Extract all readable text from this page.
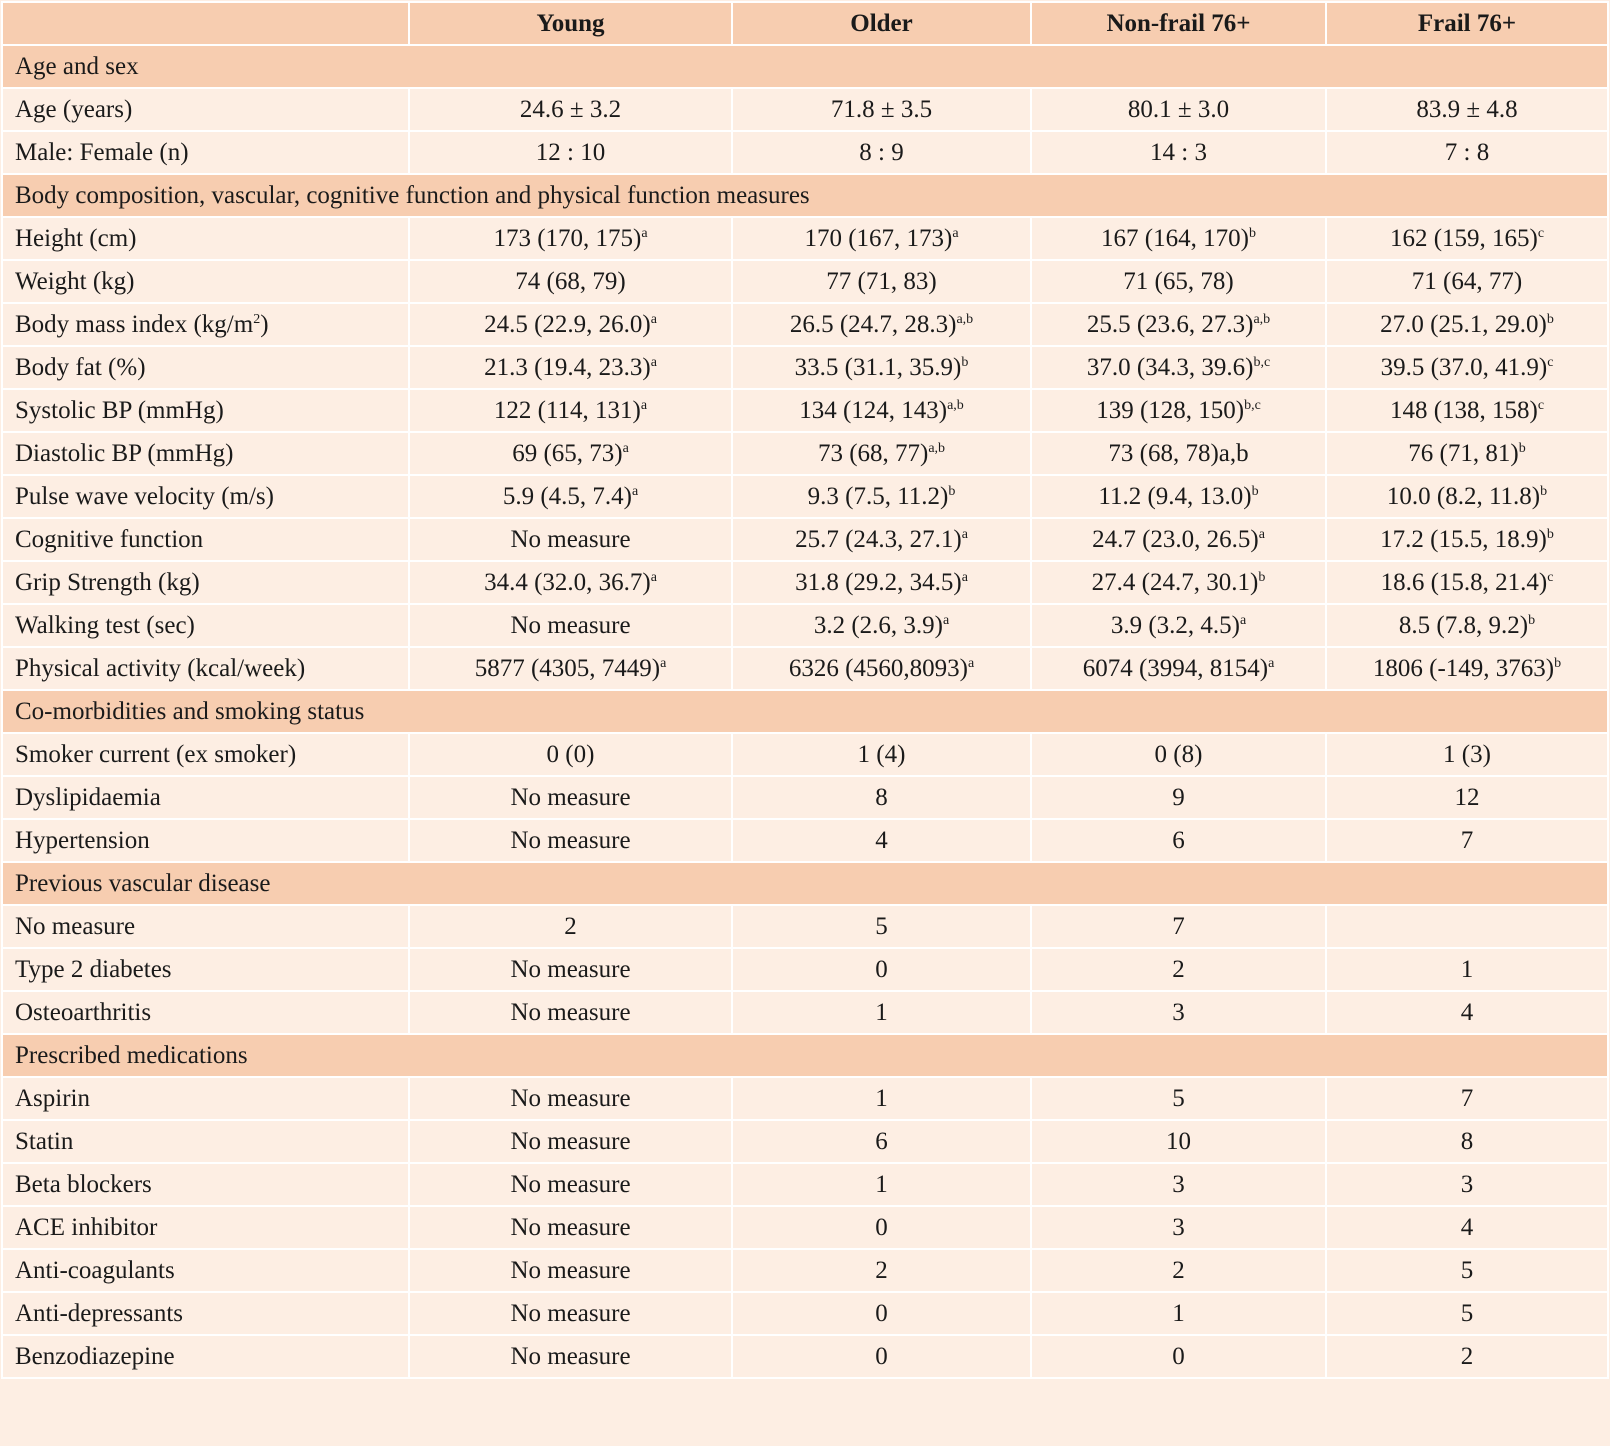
	Young	Older	Non-frail 76+	Frail 76+
Age and sex				
Age (years)	24.6 ± 3.2	71.8 ± 3.5	80.1 ± 3.0	83.9 ± 4.8
Male: Female (n)	12 : 10	8 : 9	14 : 3	7 : 8
Body composition, vascular, cognitive function and physical function measures				
Height (cm)	173 (170, 175)$^a$	170 (167, 173)$^a$	167 (164, 170)$^b$	162 (159, 165)$^c$
Weight (kg)	74 (68, 79)	77 (71, 83)	71 (65, 78)	71 (64, 77)
Body mass index $(kg/m^2)$	24.5 (22.9, 26.0)$^a$	26.5 (24.7, 28.3)$^{a,b}$	25.5 (23.6, 27.3)$^{a,b}$	27.0 (25.1, 29.0)$^b$
Body fat (%)	21.3 (19.4, 23.3)$^a$	33.5 (31.1, 35.9)$^b$	37.0 (34.3, 39.6)$^{b,c}$	39.5 (37.0, 41.9)$^c$
Systolic BP (mmHg)	122 (114, 131)$^a$	134 (124, 143)$^{a,b}$	139 (128, 150)$^{b,c}$	148 (138, 158)$^c$
Diastolic BP (mmHg)	69 (65, 73)$^a$	73 (68, 77)$^{a,b}$	73 (68, 78)a,b	76 (71, 81)$^b$
Pulse wave velocity (m/s)	5.9 (4.5, 7.4)$^a$	9.3 (7.5, 11.2)$^b$	11.2 (9.4, 13.0)$^b$	10.0 (8.2, 11.8)$^b$
Cognitive function	No measure	25.7 (24.3, 27.1)$^a$	24.7 (23.0, 26.5)$^a$	17.2 (15.5, 18.9)$^b$
Grip Strength (kg)	34.4 (32.0, 36.7)$^a$	31.8 (29.2, 34.5)$^a$	27.4 (24.7, 30.1)$^b$	18.6 (15.8, 21.4)$^c$
Walking test (sec)	No measure	3.2 (2.6, 3.9)$^a$	3.9 (3.2, 4.5)$^a$	8.5 (7.8, 9.2)$^b$
Physical activity (kcal/week)	5877 (4305, 7449)$^a$	6326 $(4560,8093)^a$	6074 (3994, 8154)$^a$	1806 (-149, 3763)$^b$
Co-morbidities and smoking status				
Smoker current (ex smoker)	0 (0)	1 (4)	0 (8)	1 (3)
Dyslipidaemia	No measure	8	9	12
Hypertension	No measure	4	6	7
Previous vascular disease				
No measure	2	5	7	
Type 2 diabetes	No measure	0	2	1
Osteoarthritis	No measure	1	3	4
Prescribed medications				
Aspirin	No measure	1	5	7
Statin	No measure	6	10	8
Beta blockers	No measure	1	3	3
ACE inhibitor	No measure	0	3	4
Anti-coagulants	No measure	2	2	5
Anti-depressants	No measure	0	1	5
Benzodiazepine	No measure	0	0	2
